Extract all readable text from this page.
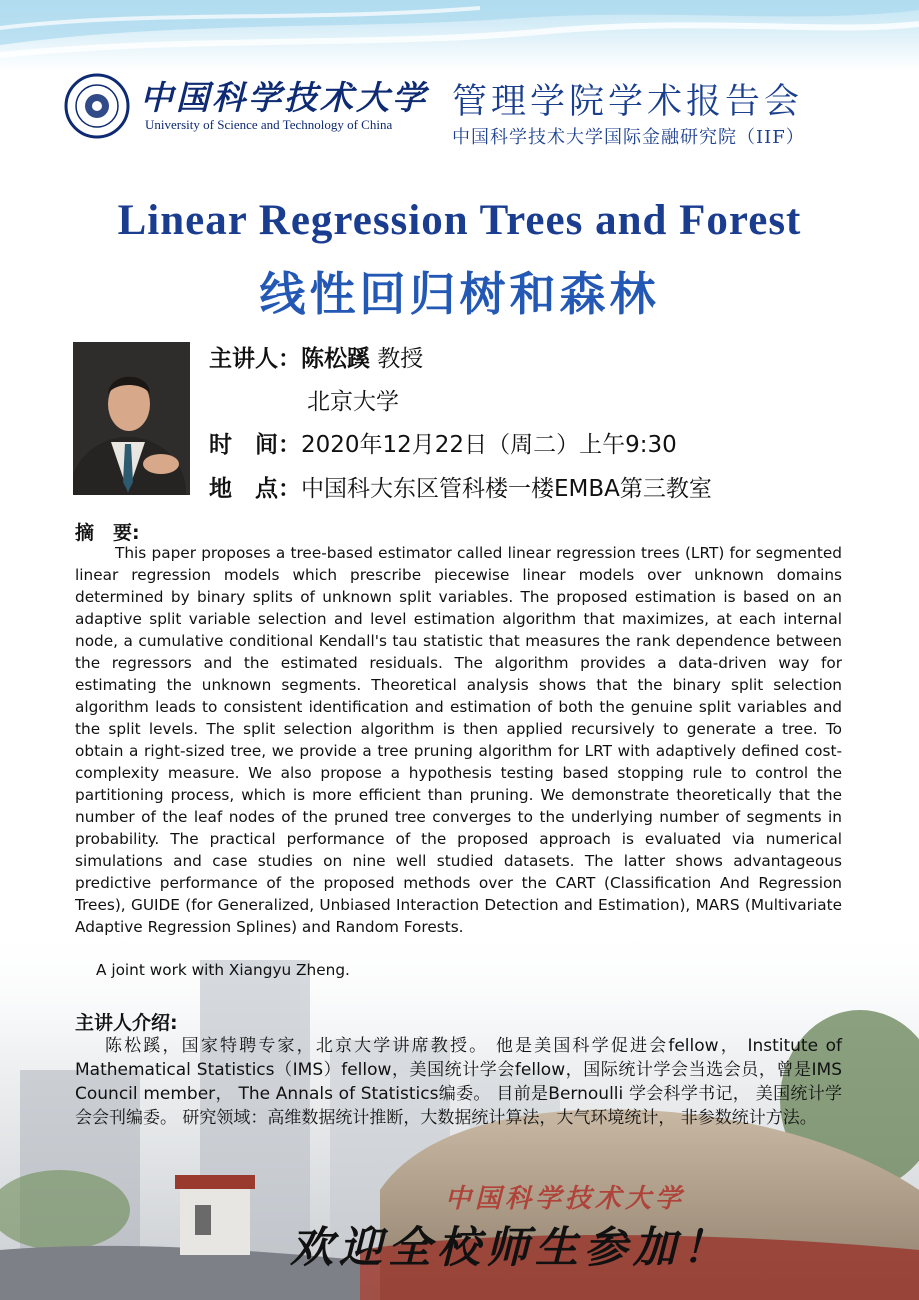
中国科学技术大学
University of Science and Technology of China
管理学院学术报告会
中国科学技术大学国际金融研究院（IIF）
Linear Regression Trees and Forest
线性回归树和森林
主讲人：陈松蹊 教授
北京大学
时　间：2020年12月22日（周二）上午9:30
地　点：中国科大东区管科楼一楼EMBA第三教室
摘　要:

This paper proposes a tree-based estimator called linear regression trees (LRT) for segmented linear regression models which prescribe piecewise linear models over unknown domains determined by binary splits of unknown split variables. The proposed estimation is based on an adaptive split variable selection and level estimation algorithm that maximizes, at each internal node, a cumulative conditional Kendall's tau statistic that measures the rank dependence between the regressors and the estimated residuals. The algorithm provides a data-driven way for estimating the unknown segments. Theoretical analysis shows that the binary split selection algorithm leads to consistent identification and estimation of both the genuine split variables and the split levels. The split selection algorithm is then applied recursively to generate a tree. To obtain a right-sized tree, we provide a tree pruning algorithm for LRT with adaptively defined cost-complexity measure. We also propose a hypothesis testing based stopping rule to control the partitioning process, which is more efficient than pruning. We demonstrate theoretically that the number of the leaf nodes of the pruned tree converges to the underlying number of segments in probability. The practical performance of the proposed approach is evaluated via numerical simulations and case studies on nine well studied datasets. The latter shows advantageous predictive performance of the proposed methods over the CART (Classification And Regression Trees), GUIDE (for Generalized, Unbiased Interaction Detection and Estimation), MARS (Multivariate Adaptive Regression Splines) and Random Forests.

A joint work with Xiangyu Zheng.
主讲人介绍:

陈松蹊，国家特聘专家，北京大学讲席教授。 他是美国科学促进会fellow， Institute of Mathematical Statistics（IMS）fellow，美国统计学会fellow，国际统计学会当选会员，曾是IMS Council member， The Annals of Statistics编委。 目前是Bernoulli 学会科学书记， 美国统计学会会刊编委。 研究领域：高维数据统计推断，大数据统计算法，大气环境统计， 非参数统计方法。

中国科学技术大学
欢迎全校师生参加！
